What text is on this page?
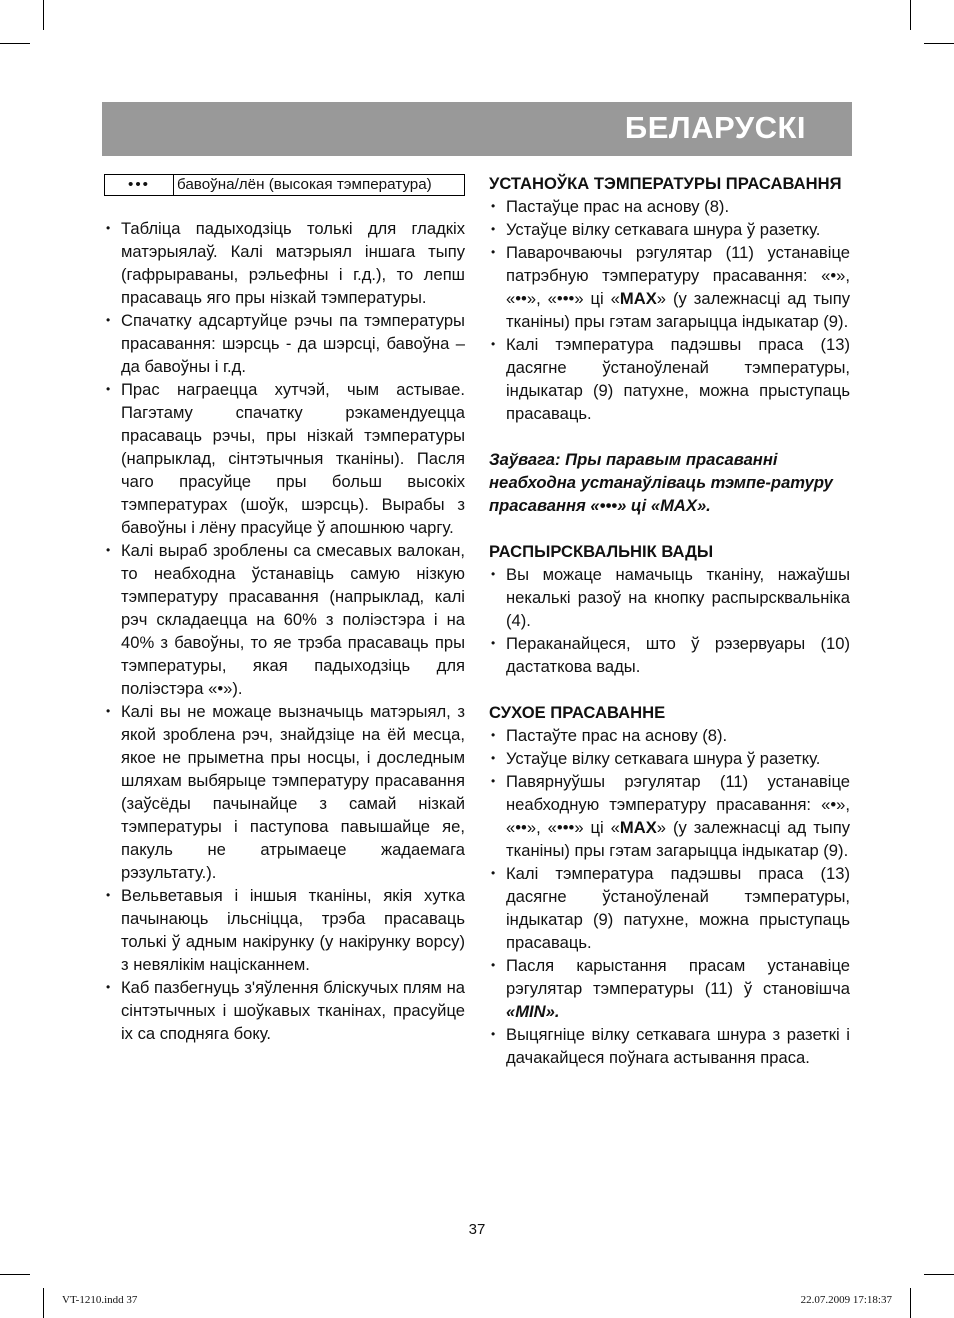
БЕЛАРУСКІ
•••	бавоўна/лён (высокая тэмпература)
• Табліца падыходзіць толькі для гладкіх матэрыялаў. Калі матэрыял іншага тыпу (гафрыраваны, рэльефны і г.д.), то лепш прасаваць яго пры нізкай тэмпературы.
• Спачатку адсартуйце рэчы па тэмпературы прасавання: шэрсць - да шэрсці, бавоўна – да бавоўны і г.д.
• Прас награецца хутчэй, чым астывае. Пагэтаму спачатку рэкамендуецца прасаваць рэчы, пры нізкай тэмпературы (напрыклад, сінтэтычныя тканіны). Пасля чаго прасуйце пры больш высокіх тэмпературах (шоўк, шэрсць). Вырабы з бавоўны і лёну прасуйце ў апошнюю чаргу.
• Калі выраб зроблены са смесавых валокан, то неабходна ўстанавіць самую нізкую тэмпературу прасавання (напрыклад, калі рэч складаецца на 60% з поліэстэра і на 40% з бавоўны, то яе трэба прасаваць пры тэмпературы, якая падыходзіць для поліэстэра «•»).
• Калі вы не можаце вызначыць матэрыял, з якой зроблена рэч, знайдзіце на ёй месца, якое не прыметна пры носцы, і доследным шляхам выбярыце тэмпературу прасавання (заўсёды пачынайце з самай нізкай тэмпературы і паступова павышайце яе, пакуль не атрымаеце жадаемага рэзультату.).
• Вельветавыя і іншыя тканіны, якія хутка пачынаюць ільсніцца, трэба прасаваць толькі ў адным накірунку (у накірунку ворсу) з невялікім націсканнем.
• Каб пазбегнуць з'яўлення бліскучых плям на сінтэтычных і шоўкавых тканінах, прасуйце іх са споднягa боку.

УСТАНОЎКА ТЭМПЕРАТУРЫ ПРАСАВАННЯ

• Пастаўце прас на аснову (8).
• Устаўце вілку сеткавага шнура ў разетку.
• Паварочваючы рэгулятар (11) устанавіце патрэбную тэмпературу прасавання: «•», «••», «•••» ці «MAX» (у залежнасці ад тыпу тканіны) пры гэтам загарыцца індыкатар (9).
• Калі тэмпература падэшвы праса (13) дасягне ўстаноўленай тэмпературы, індыкатар (9) патухне, можна прыступаць прасаваць.

Заўвага: Пры паравым прасаванні неабходна устанаўліваць тэмпе-ратуру прасавання «•••» ці «MAX».

РАСПЫРСКВАЛЬНІК ВАДЫ

• Вы можаце намачыць тканіну, нажаўшы некалькі разоў на кнопку распырсквальніка (4).
• Пераканайцеся, што ў рэзервуары (10) дастаткова вады.

СУХОЕ ПРАСАВАННЕ

• Пастаўте прас на аснову (8).
• Устаўце вілку сеткавага шнура ў разетку.
• Павярнуўшы рэгулятар (11) устанавіце неабходную тэмпературу прасавання: «•», «••», «•••» ці «MAX» (у залежнасці ад тыпу тканіны) пры гэтам загарыцца індыкатар (9).
• Калі тэмпература падэшвы праса (13) дасягне ўстаноўленай тэмпературы, індыкатар (9) патухне, можна прыступаць прасаваць.
• Пасля карыстання прасам устанавіце рэгулятар тэмпературы (11) ў становішча «MIN».
• Выцягніце вілку сеткавага шнура з разеткі і дачакайцеся поўнага астывання праса.
37
VT-1210.indd 37	22.07.2009 17:18:37
